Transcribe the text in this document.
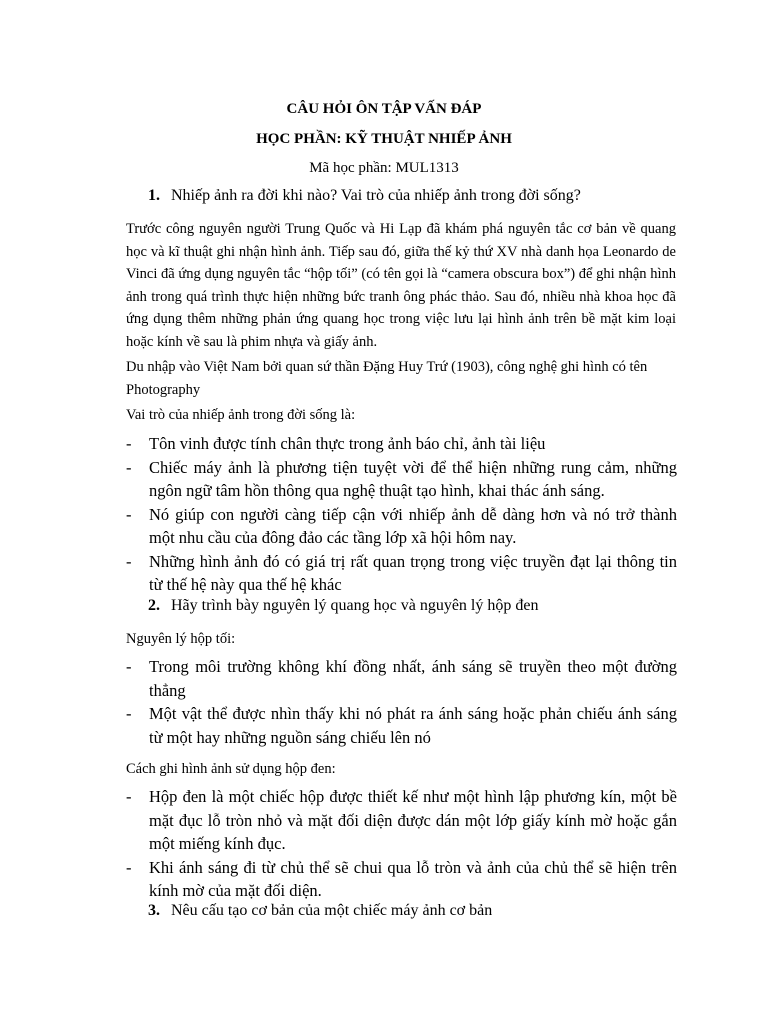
CÂU HỎI ÔN TẬP VẤN ĐÁP
HỌC PHẦN: KỸ THUẬT NHIẾP ẢNH
Mã học phần: MUL1313
1. Nhiếp ảnh ra đời khi nào? Vai trò của nhiếp ảnh trong đời sống?
Trước công nguyên người Trung Quốc và Hi Lạp đã khám phá nguyên tắc cơ bản về quang học và kĩ thuật ghi nhận hình ảnh. Tiếp sau đó, giữa thế kỷ thứ XV nhà danh họa Leonardo de Vinci đã ứng dụng nguyên tắc “hộp tối” (có tên gọi là “camera obscura box”) để ghi nhận hình ảnh trong quá trình thực hiện những bức tranh ông phác thảo. Sau đó, nhiều nhà khoa học đã ứng dụng thêm những phản ứng quang học trong việc lưu lại hình ảnh trên bề mặt kim loại hoặc kính về sau là phim nhựa và giấy ảnh.
Du nhập vào Việt Nam bởi quan sứ thần Đặng Huy Trứ (1903), công nghệ ghi hình có tên Photography
Vai trò của nhiếp ảnh trong đời sống là:
- Tôn vinh được tính chân thực trong ảnh báo chỉ, ảnh tài liệu
- Chiếc máy ảnh là phương tiện tuyệt vời để thể hiện những rung cảm, những ngôn ngữ tâm hồn thông qua nghệ thuật tạo hình, khai thác ánh sáng.
- Nó giúp con người càng tiếp cận với nhiếp ảnh dễ dàng hơn và nó trở thành một nhu cầu của đông đảo các tầng lớp xã hội hôm nay.
- Những hình ảnh đó có giá trị rất quan trọng trong việc truyền đạt lại thông tin từ thế hệ này qua thế hệ khác
2. Hãy trình bày nguyên lý quang học và nguyên lý hộp đen
Nguyên lý hộp tối:
- Trong môi trường không khí đồng nhất, ánh sáng sẽ truyền theo một đường thẳng
- Một vật thể được nhìn thấy khi nó phát ra ánh sáng hoặc phản chiếu ánh sáng từ một hay những nguồn sáng chiếu lên nó
Cách ghi hình ảnh sử dụng hộp đen:
- Hộp đen là một chiếc hộp được thiết kế như một hình lập phương kín, một bề mặt đục lỗ tròn nhỏ và mặt đối diện được dán một lớp giấy kính mờ hoặc gắn một miếng kính đục.
- Khi ánh sáng đi từ chủ thể sẽ chui qua lỗ tròn và ảnh của chủ thể sẽ hiện trên kính mờ của mặt đối diện.
3. Nêu cấu tạo cơ bản của một chiếc máy ảnh cơ bản
